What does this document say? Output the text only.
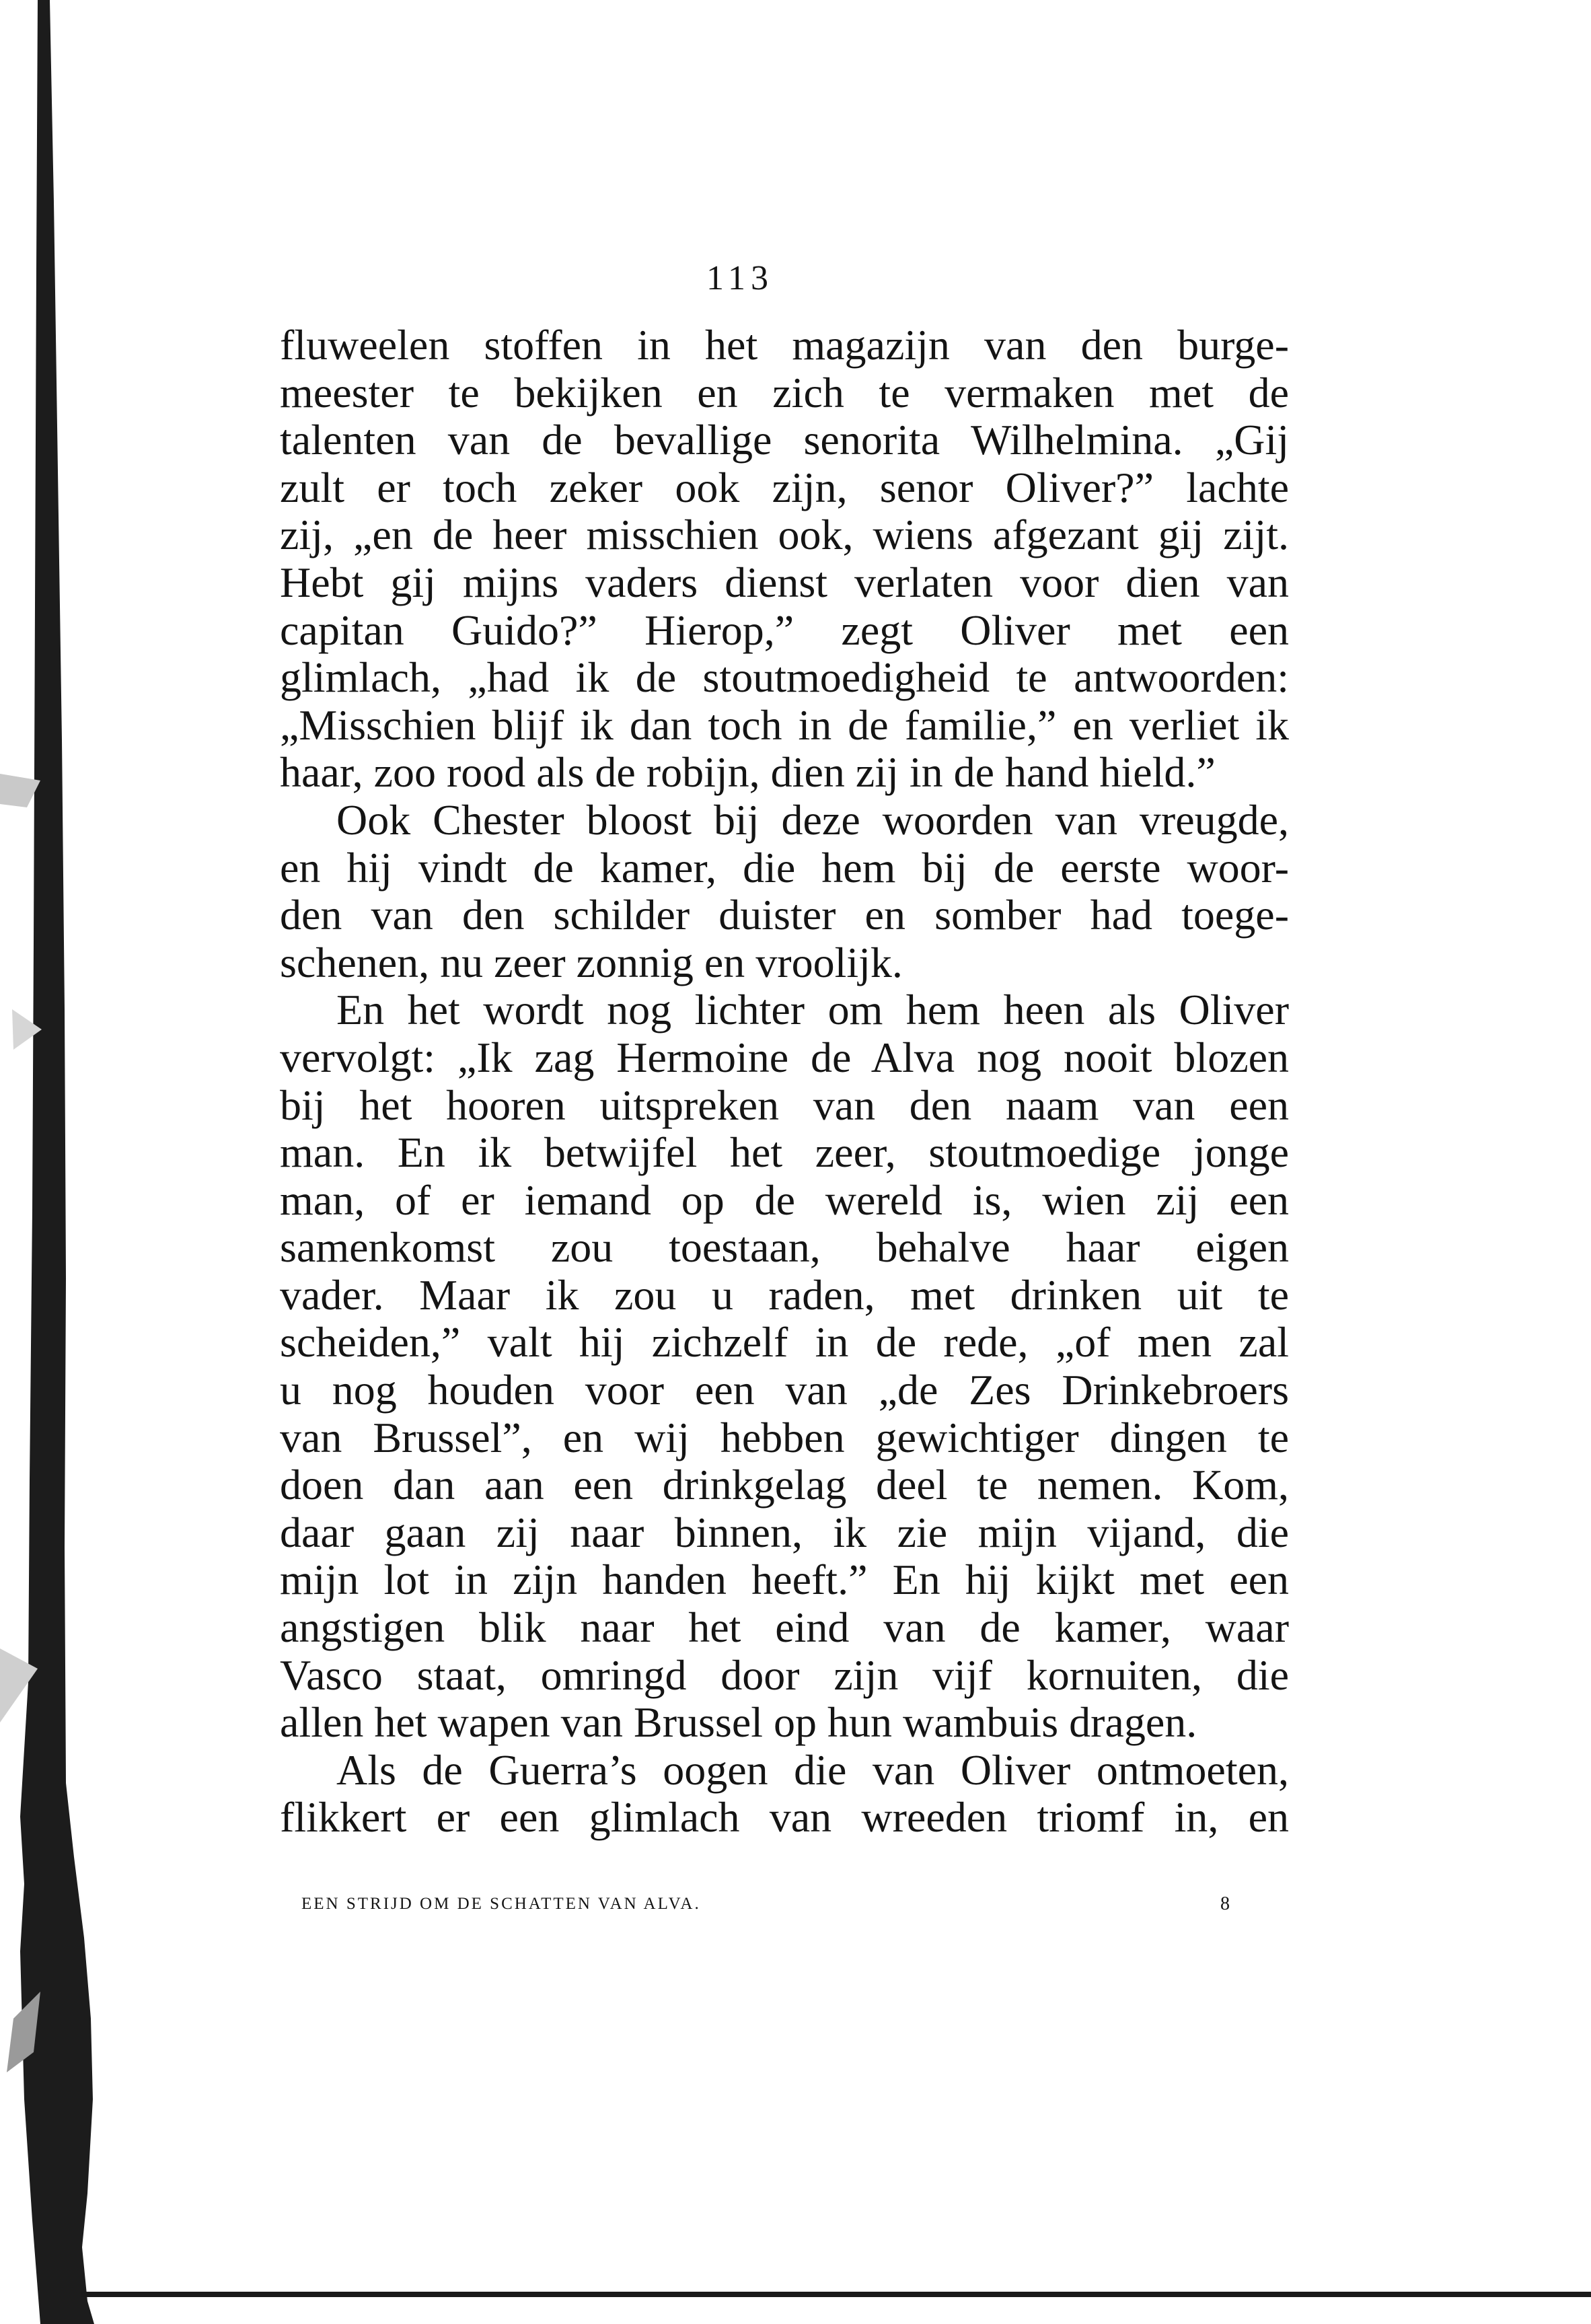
113
fluweelen stoffen in het magazijn van den burge-
meester te bekijken en zich te vermaken met de
talenten van de bevallige senorita Wilhelmina. „Gij
zult er toch zeker ook zijn, senor Oliver?” lachte
zij, „en de heer misschien ook, wiens afgezant gij zijt.
Hebt gij mijns vaders dienst verlaten voor dien van
capitan Guido?” Hierop,” zegt Oliver met een
glimlach, „had ik de stoutmoedigheid te antwoorden:
„Misschien blijf ik dan toch in de familie,” en verliet ik
haar, zoo rood als de robijn, dien zij in de hand hield.”
Ook Chester bloost bij deze woorden van vreugde,
en hij vindt de kamer, die hem bij de eerste woor-
den van den schilder duister en somber had toege-
schenen, nu zeer zonnig en vroolijk.
En het wordt nog lichter om hem heen als Oliver
vervolgt: „Ik zag Hermoine de Alva nog nooit blozen
bij het hooren uitspreken van den naam van een
man. En ik betwijfel het zeer, stoutmoedige jonge
man, of er iemand op de wereld is, wien zij een
samenkomst zou toestaan, behalve haar eigen
vader. Maar ik zou u raden, met drinken uit te
scheiden,” valt hij zichzelf in de rede, „of men zal
u nog houden voor een van „de Zes Drinkebroers
van Brussel”, en wij hebben gewichtiger dingen te
doen dan aan een drinkgelag deel te nemen. Kom,
daar gaan zij naar binnen, ik zie mijn vijand, die
mijn lot in zijn handen heeft.” En hij kijkt met een
angstigen blik naar het eind van de kamer, waar
Vasco staat, omringd door zijn vijf kornuiten, die
allen het wapen van Brussel op hun wambuis dragen.
Als de Guerra’s oogen die van Oliver ontmoeten,
flikkert er een glimlach van wreeden triomf in, en
EEN STRIJD OM DE SCHATTEN VAN ALVA.	8
